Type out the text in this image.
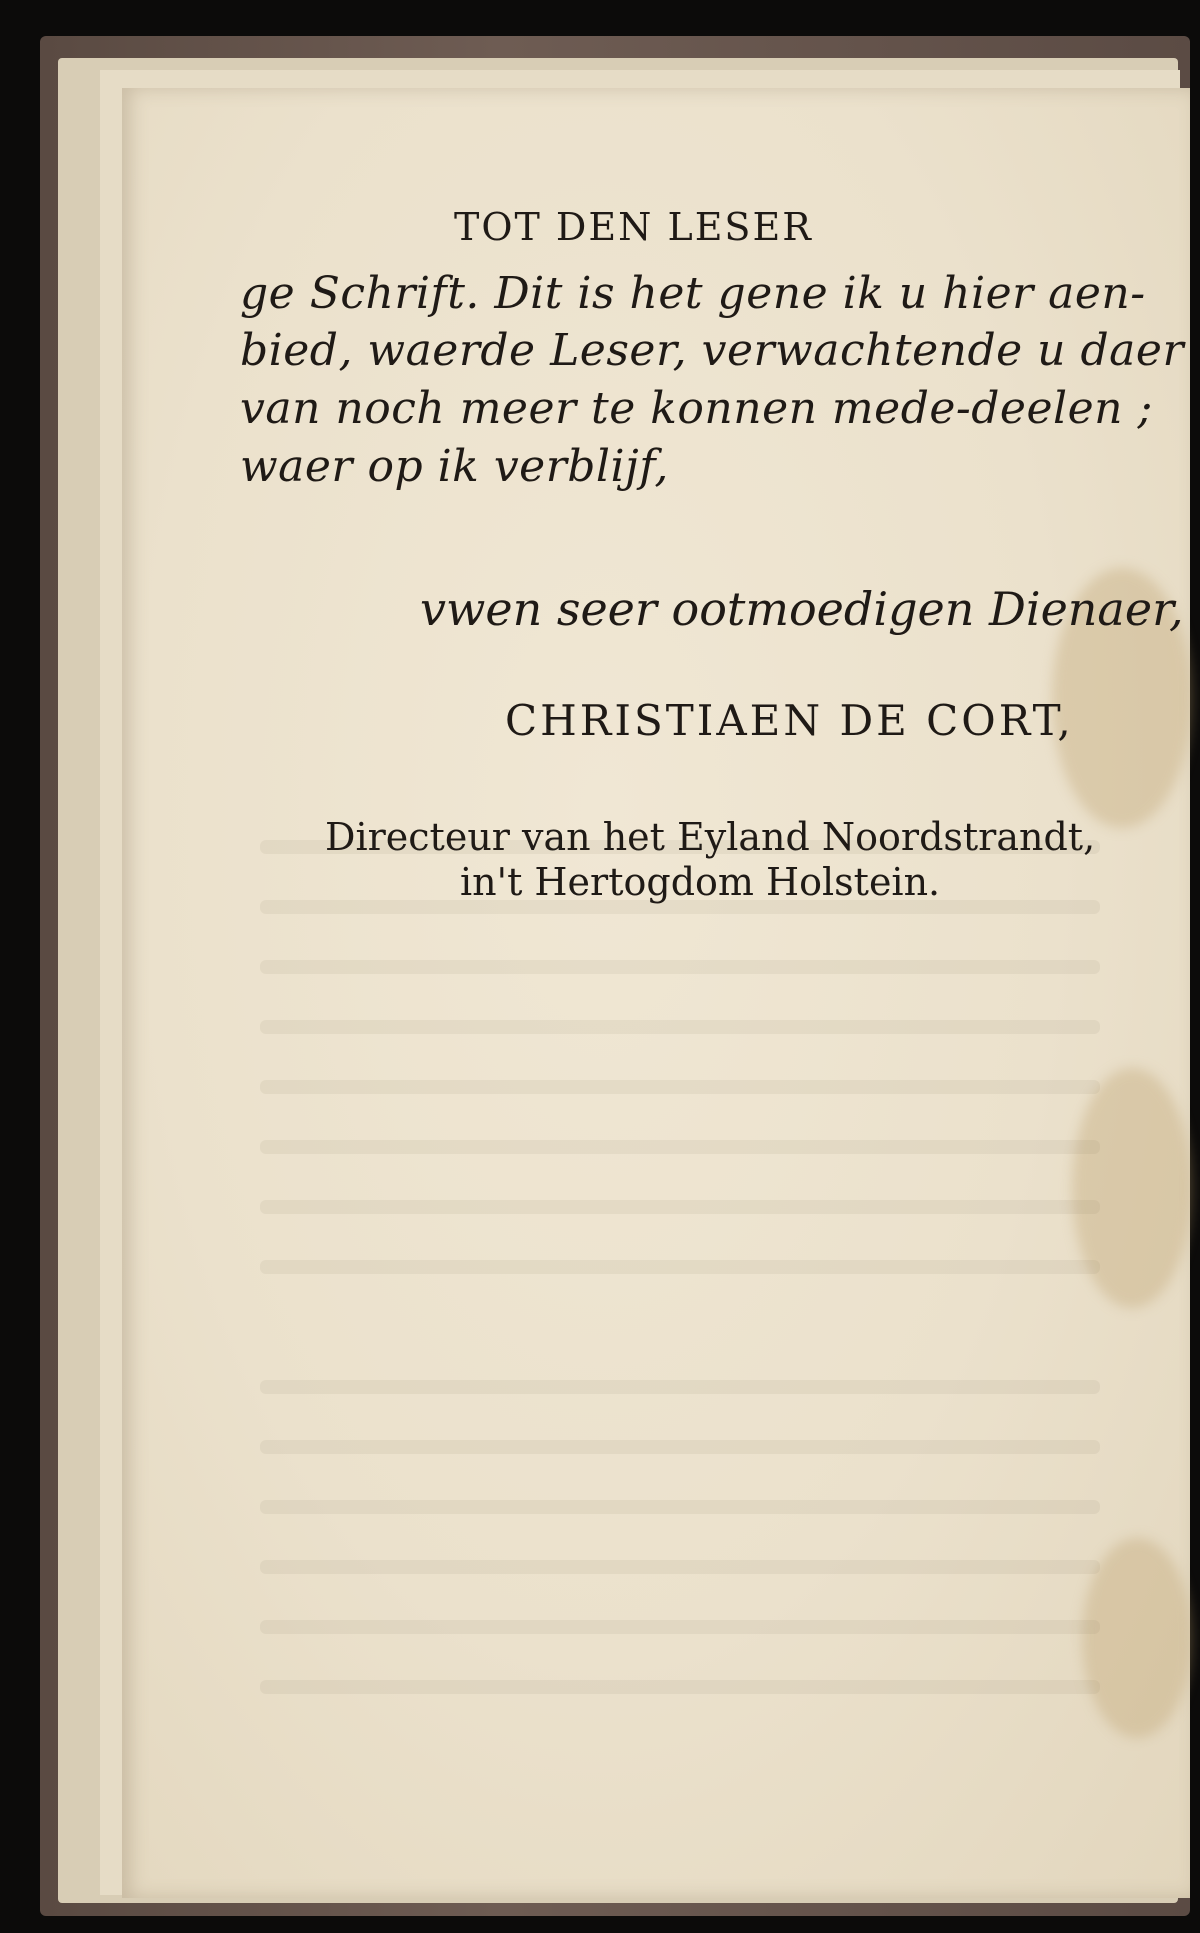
TOT DEN LESER
ge Schrift. Dit is het gene ik u hier aen-
bied, waerde Leser, verwachtende u daer
van noch meer te konnen mede-deelen ;
waer op ik verblijf,
vwen seer ootmoedigen Dienaer,
CHRISTIAEN DE CORT,
Directeur van het Eyland Noordstrandt,
in't Hertogdom Holstein.
